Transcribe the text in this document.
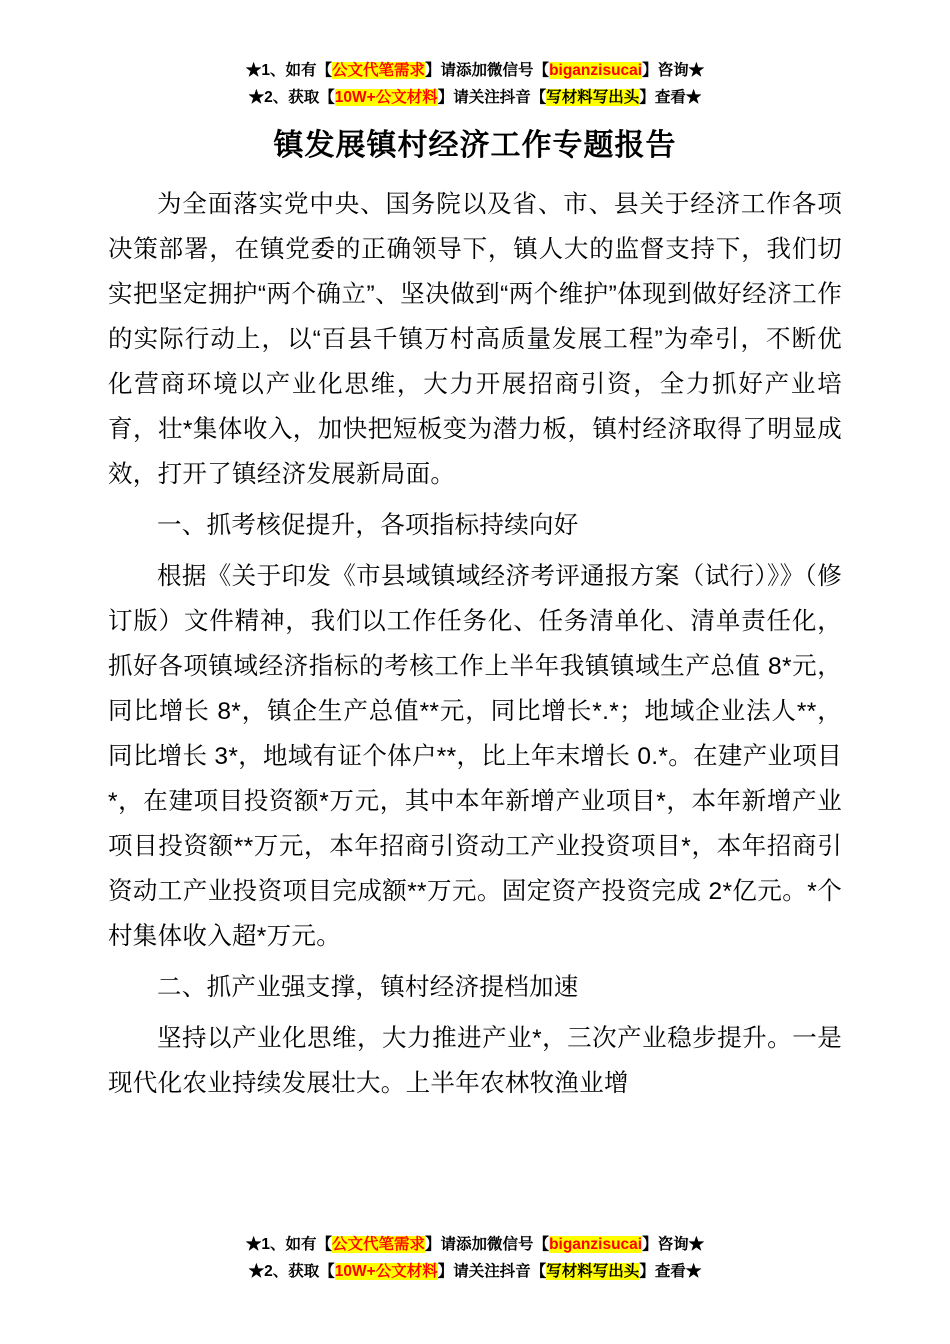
★1、如有【公文代笔需求】请添加微信号【biganzisucai】咨询★
★2、获取【10W+公文材料】请关注抖音【写材料写出头】查看★
镇发展镇村经济工作专题报告

为全面落实党中央、国务院以及省、市、县关于经济工作各项决策部署，在镇党委的正确领导下，镇人大的监督支持下，我们切实把坚定拥护“两个确立”、坚决做到“两个维护”体现到做好经济工作的实际行动上，以“百县千镇万村高质量发展工程”为牵引，不断优化营商环境以产业化思维，大力开展招商引资，全力抓好产业培育，壮*集体收入，加快把短板变为潜力板，镇村经济取得了明显成效，打开了镇经济发展新局面。

一、抓考核促提升，各项指标持续向好

根据《关于印发《市县域镇域经济考评通报方案（试行）》》（修订版）文件精神，我们以工作任务化、任务清单化、清单责任化，抓好各项镇域经济指标的考核工作上半年我镇镇域生产总值 8*元，同比增长 8*，镇企生产总值**元，同比增长*.*；地域企业法人**，同比增长 3*，地域有证个体户**，比上年末增长 0.*。在建产业项目*，在建项目投资额*万元，其中本年新增产业项目*，本年新增产业项目投资额**万元，本年招商引资动工产业投资项目*，本年招商引资动工产业投资项目完成额**万元。固定资产投资完成 2*亿元。*个村集体收入超*万元。

二、抓产业强支撑，镇村经济提档加速

坚持以产业化思维，大力推进产业*，三次产业稳步提升。一是现代化农业持续发展壮大。上半年农林牧渔业增

★1、如有【公文代笔需求】请添加微信号【biganzisucai】咨询★
★2、获取【10W+公文材料】请关注抖音【写材料写出头】查看★
